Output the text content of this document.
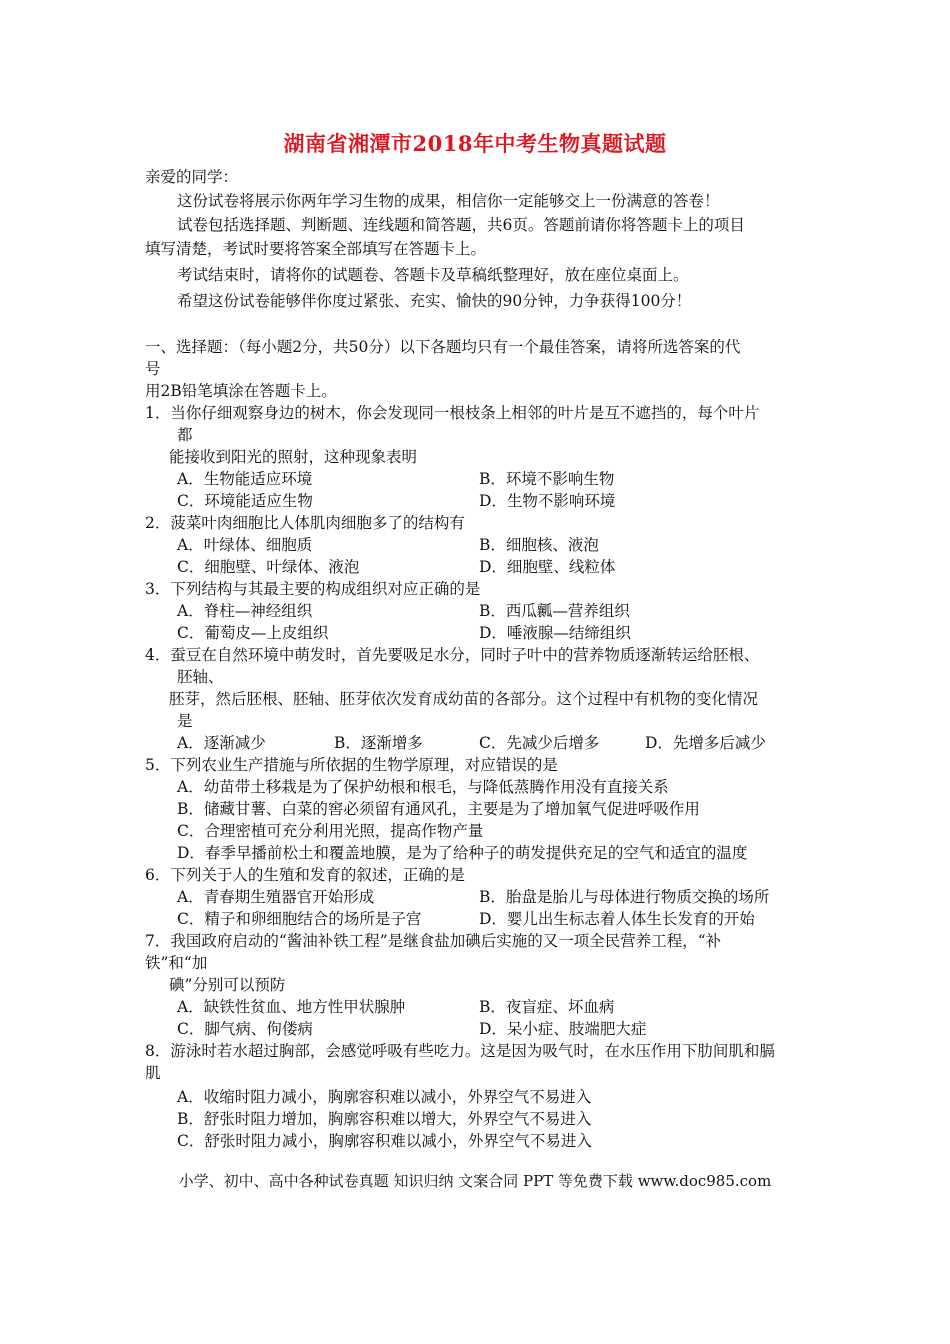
湖南省湘潭市2018年中考生物真题试题
亲爱的同学：
这份试卷将展示你两年学习生物的成果，相信你一定能够交上一份满意的答卷！
试卷包括选择题、判断题、连线题和简答题，共6页。答题前请你将答题卡上的项目
填写清楚，考试时要将答案全部填写在答题卡上。
考试结束时，请将你的试题卷、答题卡及草稿纸整理好，放在座位桌面上。
希望这份试卷能够伴你度过紧张、充实、愉快的90分钟，力争获得100分！
一、选择题：（每小题2分，共50分）以下各题均只有一个最佳答案，请将所选答案的代
号
用2B铅笔填涂在答题卡上。
1．当你仔细观察身边的树木，你会发现同一根枝条上相邻的叶片是互不遮挡的，每个叶片
都
能接收到阳光的照射，这种现象表明
A．生物能适应环境	B．环境不影响生物
C．环境能适应生物	D．生物不影响环境
2．菠菜叶肉细胞比人体肌肉细胞多了的结构有
A．叶绿体、细胞质	B．细胞核、液泡
C．细胞壁、叶绿体、液泡	D．细胞壁、线粒体
3．下列结构与其最主要的构成组织对应正确的是
A．脊柱—神经组织	B．西瓜瓤—营养组织
C．葡萄皮—上皮组织	D．唾液腺—结缔组织
4．蚕豆在自然环境中萌发时，首先要吸足水分，同时子叶中的营养物质逐渐转运给胚根、
胚轴、
胚芽，然后胚根、胚轴、胚芽依次发育成幼苗的各部分。这个过程中有机物的变化情况
是
A．逐渐减少	B．逐渐增多	C．先减少后增多	D．先增多后减少
5．下列农业生产措施与所依据的生物学原理，对应错误的是
A．幼苗带土移栽是为了保护幼根和根毛，与降低蒸腾作用没有直接关系
B．储藏甘薯、白菜的窖必须留有通风孔，主要是为了增加氧气促进呼吸作用
C．合理密植可充分利用光照，提高作物产量
D．春季早播前松土和覆盖地膜，是为了给种子的萌发提供充足的空气和适宜的温度
6．下列关于人的生殖和发育的叙述，正确的是
A．青春期生殖器官开始形成	B．胎盘是胎儿与母体进行物质交换的场所
C．精子和卵细胞结合的场所是子宫	D．婴儿出生标志着人体生长发育的开始
7．我国政府启动的“酱油补铁工程”是继食盐加碘后实施的又一项全民营养工程，“补
铁”和“加
碘”分别可以预防
A．缺铁性贫血、地方性甲状腺肿	B．夜盲症、坏血病
C．脚气病、佝偻病	D．呆小症、肢端肥大症
8．游泳时若水超过胸部，会感觉呼吸有些吃力。这是因为吸气时，在水压作用下肋间肌和膈
肌
A．收缩时阻力减小，胸廓容积难以减小，外界空气不易进入
B．舒张时阻力增加，胸廓容积难以增大，外界空气不易进入
C．舒张时阻力减小，胸廓容积难以减小，外界空气不易进入
小学、初中、高中各种试卷真题 知识归纳 文案合同 PPT 等免费下载 www.doc985.com
